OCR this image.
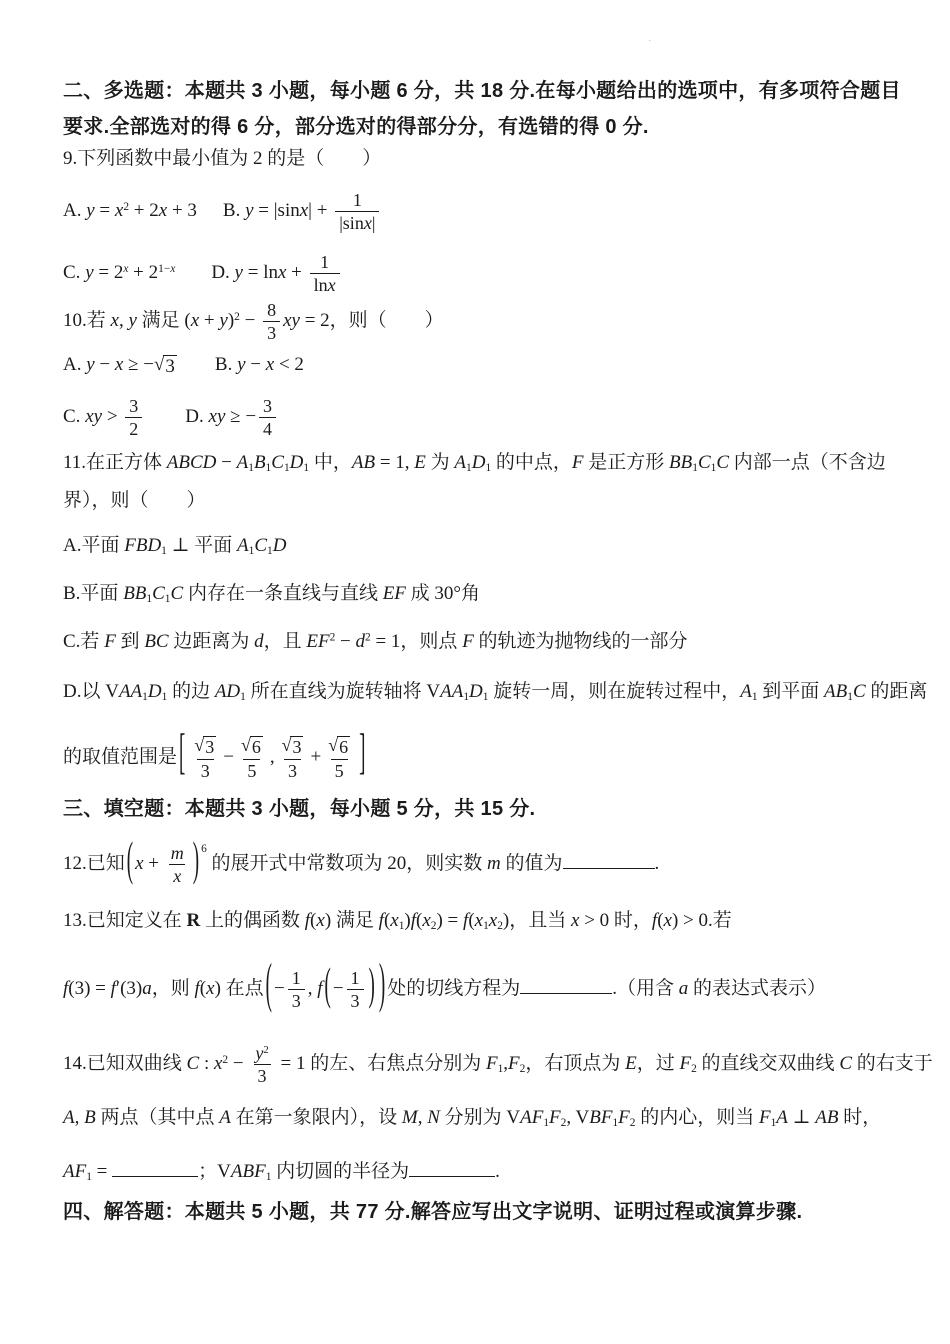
·
二、多选题：本题共 3 小题，每小题 6 分，共 18 分.在每小题给出的选项中，有多项符合题目
要求.全部选对的得 6 分，部分选对的得部分分，有选错的得 0 分.
9.下列函数中最小值为 2 的是（　　）
A. $y = x^2 + 2x + 3$ B. $y = |\sin x| + \frac{1}{|\sin x|}$
C. $y = 2^x + 2^{1-x}$ D. $y = \ln x + \frac{1}{\ln x}$
10.若 x, y 满足 $(x + y)^2 - \frac{8}{3}$ xy = 2，则（　　）
A. y − x ≥ − √ 3 B. y − x < 2
C. xy > $\frac{3}{2} D$. xy ≥ − $\frac{3}{4}$
11.在正方体 ABCD − $A_1B_1C_1D_1$ 中，AB = 1, E 为 $A_1D_1$ 的中点，F 是正方形 $BB_1C_1C$ 内部一点（不含边
界），则（　　）
A.平面 $FBD_1$ ⊥ 平面 $A_1C_1D$
B.平面 $BB_1C_1C$ 内存在一条直线与直线 EF 成 30°角
C.若 F 到 BC 边距离为 d，且 $EF^2 - d^2 = 1$，则点 F 的轨迹为抛物线的一部分
D.以 $VAA_1D_1$ 的边 $AD_1$ 所在直线为旋转轴将 $VAA_1D_1$ 旋转一周，则在旋转过程中，$A_1$ 到平面 $AB_1C$ 的距离
的取值范围是 [ $\frac{√ 3}{3} - \frac{√ 6}{5}$ , $\frac{√ 3}{3} + \frac{√ 6}{5}$ ]
三、填空题：本题共 3 小题，每小题 5 分，共 15 分.
12.已知 ( $x + \frac{m}{x}$ ) $^6$ 的展开式中常数项为 20，则实数 m 的值为	.
13.已知定义在 R 上的偶函数 f(x) 满足 $f(x_1)f(x_2) = f(x_1x_2)$，且当 x > 0 时，f(x) > 0.若
f(3) = f′(3)a，则 f(x) 在点 ( − $\frac{1}{3}$ , f ( − $\frac{1}{3}$ ) ) 处的切线方程为	.（用含 a 的表达式表示）
14.已知双曲线 C : $x^2 - \frac{y^2}{3} = 1$ 的左、右焦点分别为 $F_1,F_2$，右顶点为 E，过 $F_2$ 的直线交双曲线 C 的右支于
A, B 两点（其中点 A 在第一象限内），设 M, N 分别为 $VAF_1F_2$, $VBF_1F_2$ 的内心，则当 $F_1A$ ⊥ AB 时，
$AF_1$ =	；$VABF_1$ 内切圆的半径为	.
四、解答题：本题共 5 小题，共 77 分.解答应写出文字说明、证明过程或演算步骤.
